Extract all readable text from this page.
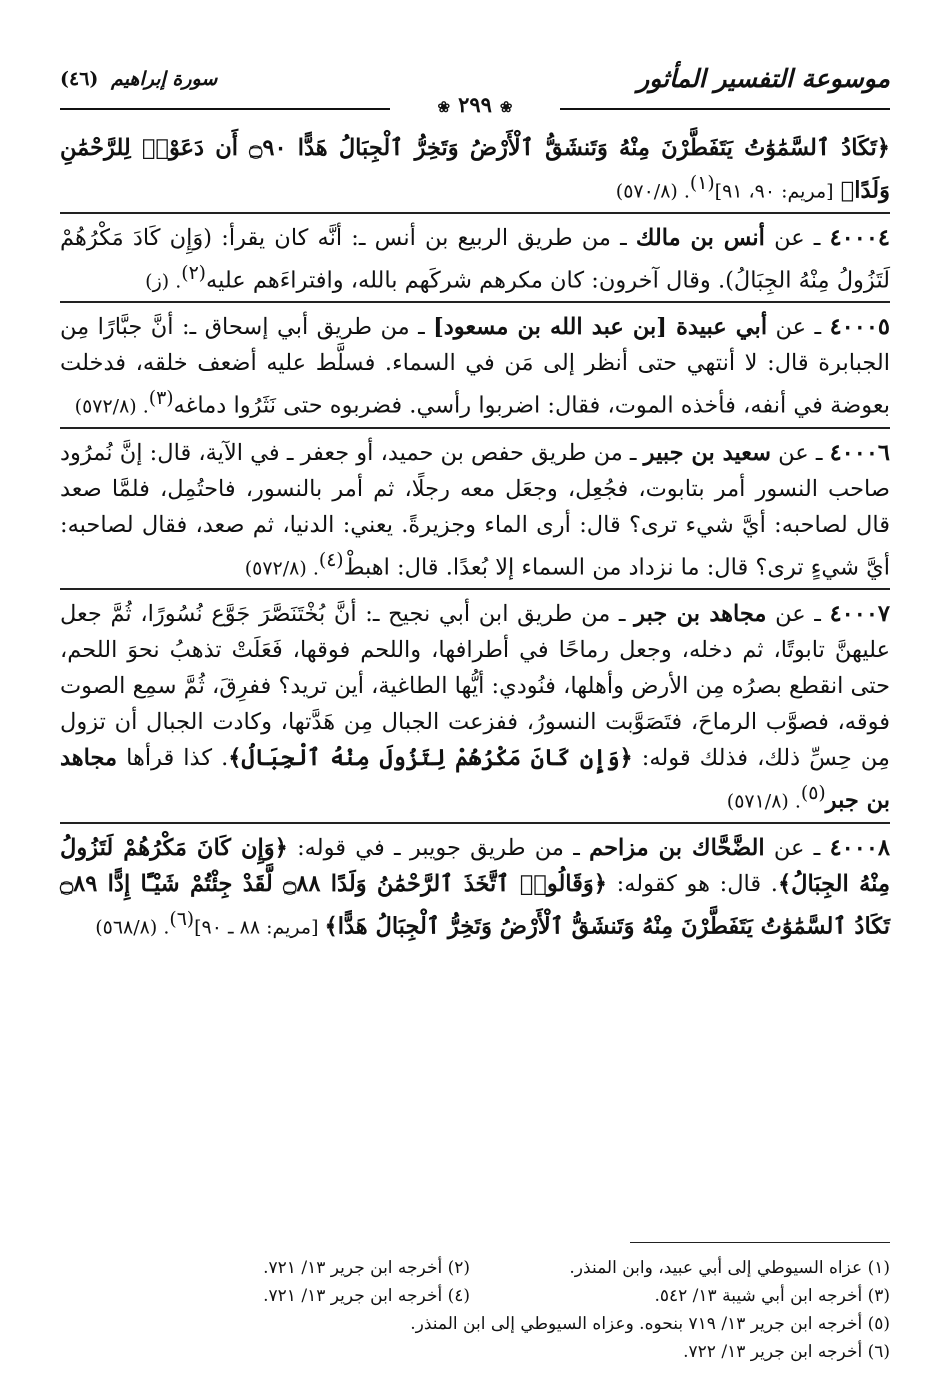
موسوعة التفسير المأثور
سورة إبراهيم (٤٦)
❀٢٩٩❀

﴿تَكَادُ ٱلسَّمَٰوَٰتُ يَتَفَطَّرْنَ مِنْهُ وَتَنشَقُّ ٱلْأَرْضُ وَتَخِرُّ ٱلْجِبَالُ هَدًّا ۝٩٠ أَن دَعَوْا۟ لِلرَّحْمَٰنِ وَلَدًا﴾ [مريم: ٩٠، ٩١]$^{(١)}$. (٥٧٠/٨)

٤٠٠٠٤ ـ عن أنس بن مالك ـ من طريق الربيع بن أنس ـ: أنَّه كان يقرأ: (وَإِن كَادَ مَكْرُهُمْ لَتَزُولُ مِنْهُ الجِبَالُ). وقال آخرون: كان مكرهم شركَهم بالله، وافتراءَهم عليه$^{(٢)}$. (ز)

٤٠٠٠٥ ـ عن أبي عبيدة [بن عبد الله بن مسعود] ـ من طريق أبي إسحاق ـ: أنَّ جبَّارًا مِن الجبابرة قال: لا أنتهي حتى أنظر إلى مَن في السماء. فسلَّط عليه أضعف خلقه، فدخلت بعوضة في أنفه، فأخذه الموت، فقال: اضربوا رأسي. فضربوه حتى نَثَرُوا دماغه$^{(٣)}$. (٥٧٢/٨)

٤٠٠٠٦ ـ عن سعيد بن جبير ـ من طريق حفص بن حميد، أو جعفر ـ في الآية، قال: إنَّ نُمرُود صاحب النسور أمر بتابوت، فجُعِل، وجعَل معه رجلًا، ثم أمر بالنسور، فاحتُمِل، فلمَّا صعد قال لصاحبه: أيَّ شيء ترى؟ قال: أرى الماء وجزيرةً. يعني: الدنيا، ثم صعد، فقال لصاحبه: أيَّ شيءٍ ترى؟ قال: ما نزداد من السماء إلا بُعدًا. قال: اهبطْ$^{(٤)}$. (٥٧٢/٨)

٤٠٠٠٧ ـ عن مجاهد بن جبر ـ من طريق ابن أبي نجيح ـ: أنَّ بُخْتَنَصَّرَ جَوَّع نُسُورًا، ثُمَّ جعل عليهنَّ تابوتًا، ثم دخله، وجعل رماحًا في أطرافها، واللحم فوقها، فَعَلَتْ تذهبُ نحوَ اللحم، حتى انقطع بصرُه مِن الأرض وأهلها، فنُودي: أيُّها الطاغية، أين تريد؟ ففرِقَ، ثُمَّ سمِع الصوت فوقه، فصوَّب الرماحَ، فتَصَوَّبت النسورُ، ففزعت الجبال مِن هَدَّتها، وكادت الجبال أن تزول مِن حِسِّ ذلك، فذلك قوله: ﴿وَإِن كَانَ مَكْرُهُمْ لِتَزُولَ مِنْهُ ٱلْجِبَالُ﴾. كذا قرأها مجاهد بن جبر$^{(٥)}$. (٥٧١/٨)

٤٠٠٠٨ ـ عن الضَّحَّاك بن مزاحم ـ من طريق جويبر ـ في قوله: ﴿وَإِن كَانَ مَكْرُهُمْ لَتَزُولُ مِنْهُ الجِبَالُ﴾. قال: هو كقوله: ﴿وَقَالُوا۟ ٱتَّخَذَ ٱلرَّحْمَٰنُ وَلَدًا ۝٨٨ لَّقَدْ جِئْتُمْ شَيْـًٔا إِدًّا ۝٨٩ تَكَادُ ٱلسَّمَٰوَٰتُ يَتَفَطَّرْنَ مِنْهُ وَتَنشَقُّ ٱلْأَرْضُ وَتَخِرُّ ٱلْجِبَالُ هَدًّا﴾ [مريم: ٨٨ ـ ٩٠]$^{(٦)}$. (٥٦٨/٨)

(١) عزاه السيوطي إلى أبي عبيد، وابن المنذر.
(٢) أخرجه ابن جرير ١٣/ ٧٢١.
(٣) أخرجه ابن أبي شيبة ١٣/ ٥٤٢.
(٤) أخرجه ابن جرير ١٣/ ٧٢١.
(٥) أخرجه ابن جرير ١٣/ ٧١٩ بنحوه. وعزاه السيوطي إلى ابن المنذر.
(٦) أخرجه ابن جرير ١٣/ ٧٢٢.
